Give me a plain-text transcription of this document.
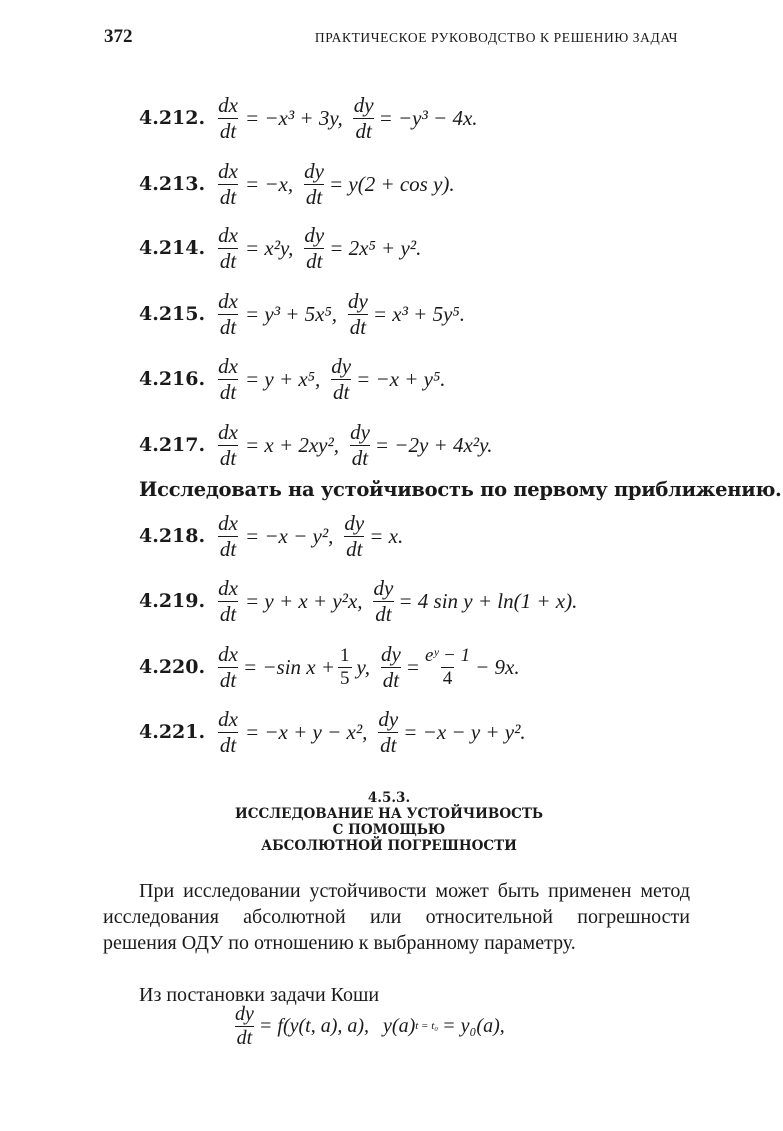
372	ПРАКТИЧЕСКОЕ РУКОВОДСТВО К РЕШЕНИЮ ЗАДАЧ
4.212. $\frac{dx}{dt} = -x^3 + 3y$, $\frac{dy}{dt} = -y^3 - 4x$.
4.213. $\frac{dx}{dt} = -x$, $\frac{dy}{dt} = y(2 + \cos y)$.
4.214. $\frac{dx}{dt} = x^2y$, $\frac{dy}{dt} = 2x^5 + y^2$.
4.215. $\frac{dx}{dt} = y^3 + 5x^5$, $\frac{dy}{dt} = x^3 + 5y^5$.
4.216. $\frac{dx}{dt} = y + x^5$, $\frac{dy}{dt} = -x + y^5$.
4.217. $\frac{dx}{dt} = x + 2xy^2$, $\frac{dy}{dt} = -2y + 4x^2y$.
Исследовать на устойчивость по первому приближению.
4.218. $\frac{dx}{dt} = -x - y^2$, $\frac{dy}{dt} = x$.
4.219. $\frac{dx}{dt} = y + x + y^2x$, $\frac{dy}{dt} = 4$ sin y + ln(1 + x).
4.220. $\frac{dx}{dt} = -\sin$ $x + \frac{1}{5} y$, $\frac{dy}{dt} = \frac{\text{eʸ − 1}}{4} - 9x$.
4.221. $\frac{dx}{dt} = -x + y - x^2$, $\frac{dy}{dt} = -x - y + y^2$.
4.5.3.
ИССЛЕДОВАНИЕ НА УСТОЙЧИВОСТЬ
С ПОМОЩЬЮ
АБСОЛЮТНОЙ ПОГРЕШНОСТИ
При исследовании устойчивости может быть применен метод исследования абсолютной или относительной погрешности решения ОДУ по отношению к выбранному параметру.
Из постановки задачи Коши
$\frac{dy}{dt} = f(y(t$, a), a), y(a) t = t₀ = y₀(a),
